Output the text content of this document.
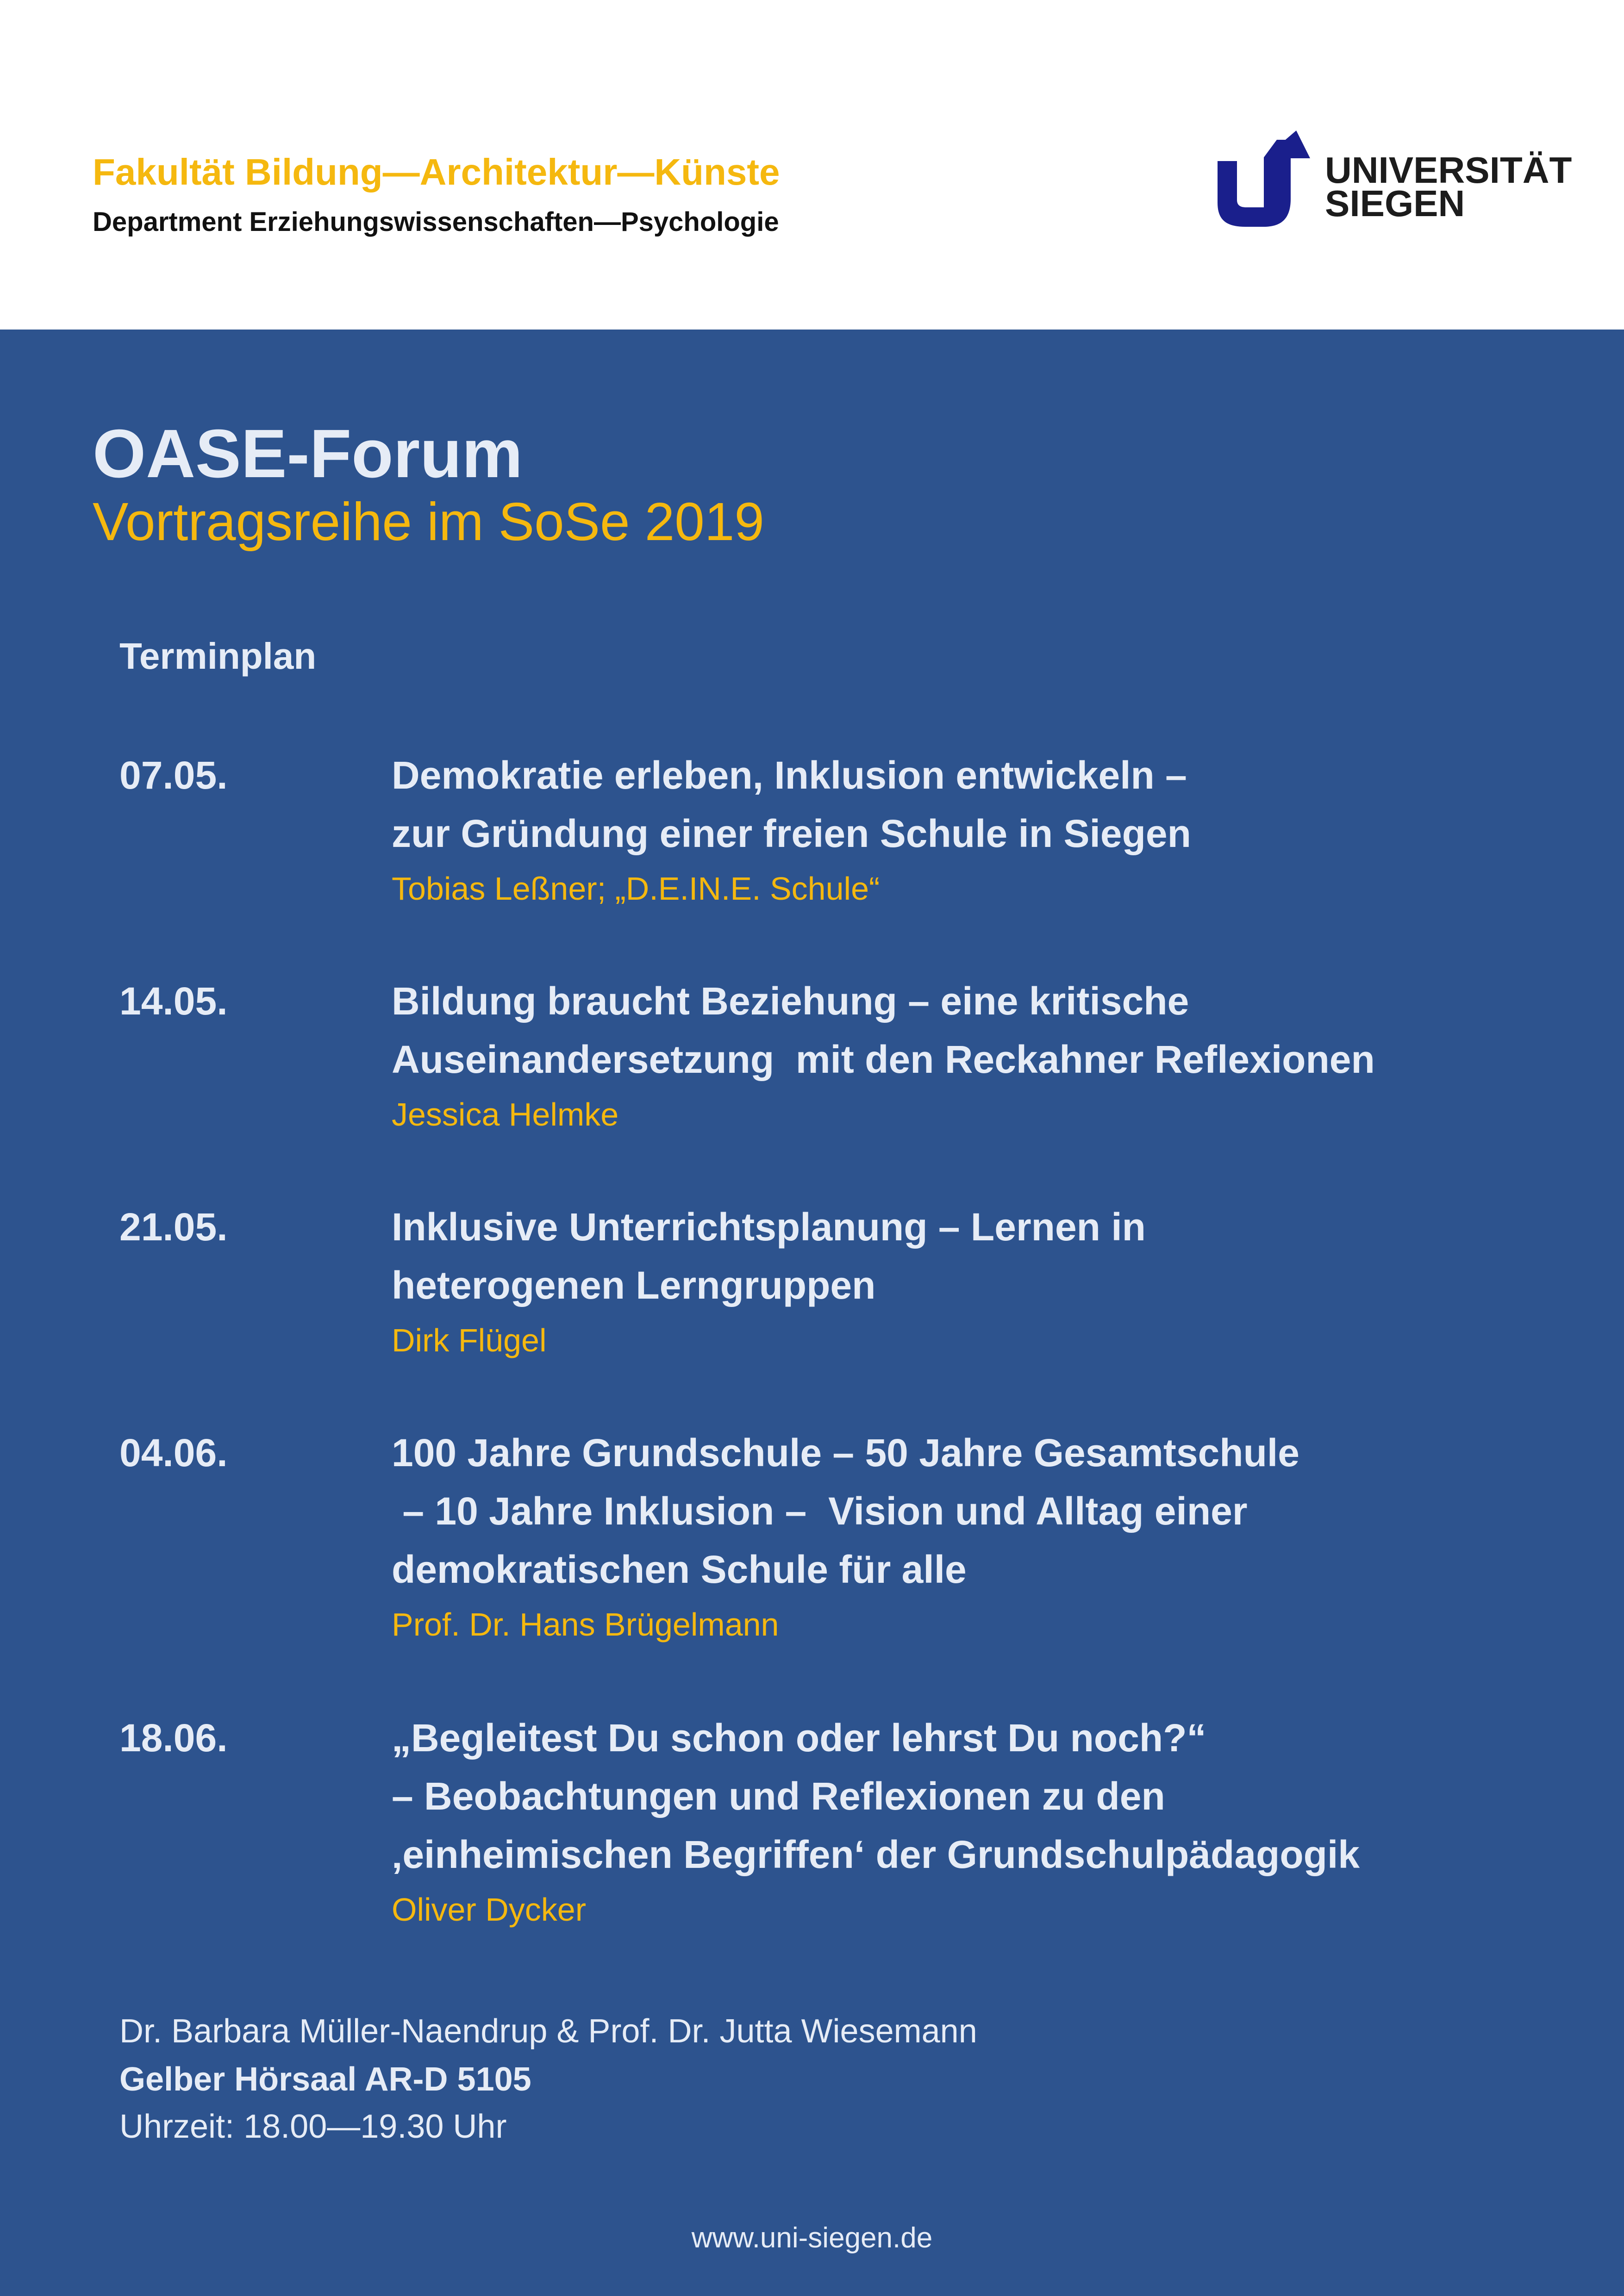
Fakultät Bildung—Architektur—Künste
Department Erziehungswissenschaften—Psychologie
UNIVERSITÄT
SIEGEN
OASE-Forum
Vortragsreihe im SoSe 2019
Terminplan
07.05.	Demokratie erleben, Inklusion entwickeln –
zur Gründung einer freien Schule in Siegen
Tobias Leßner; „D.E.IN.E. Schule“
14.05.	Bildung braucht Beziehung – eine kritische
Auseinandersetzung  mit den Reckahner Reflexionen
Jessica Helmke
21.05.	Inklusive Unterrichtsplanung – Lernen in
heterogenen Lerngruppen
Dirk Flügel
04.06.	100 Jahre Grundschule – 50 Jahre Gesamtschule
– 10 Jahre Inklusion –  Vision und Alltag einer
demokratischen Schule für alle
Prof. Dr. Hans Brügelmann
18.06.	„Begleitest Du schon oder lehrst Du noch?“
– Beobachtungen und Reflexionen zu den
‚einheimischen Begriffen‘ der Grundschulpädagogik
Oliver Dycker
Dr. Barbara Müller-Naendrup & Prof. Dr. Jutta Wiesemann
Gelber Hörsaal AR-D 5105
Uhrzeit: 18.00—19.30 Uhr
www.uni-siegen.de
